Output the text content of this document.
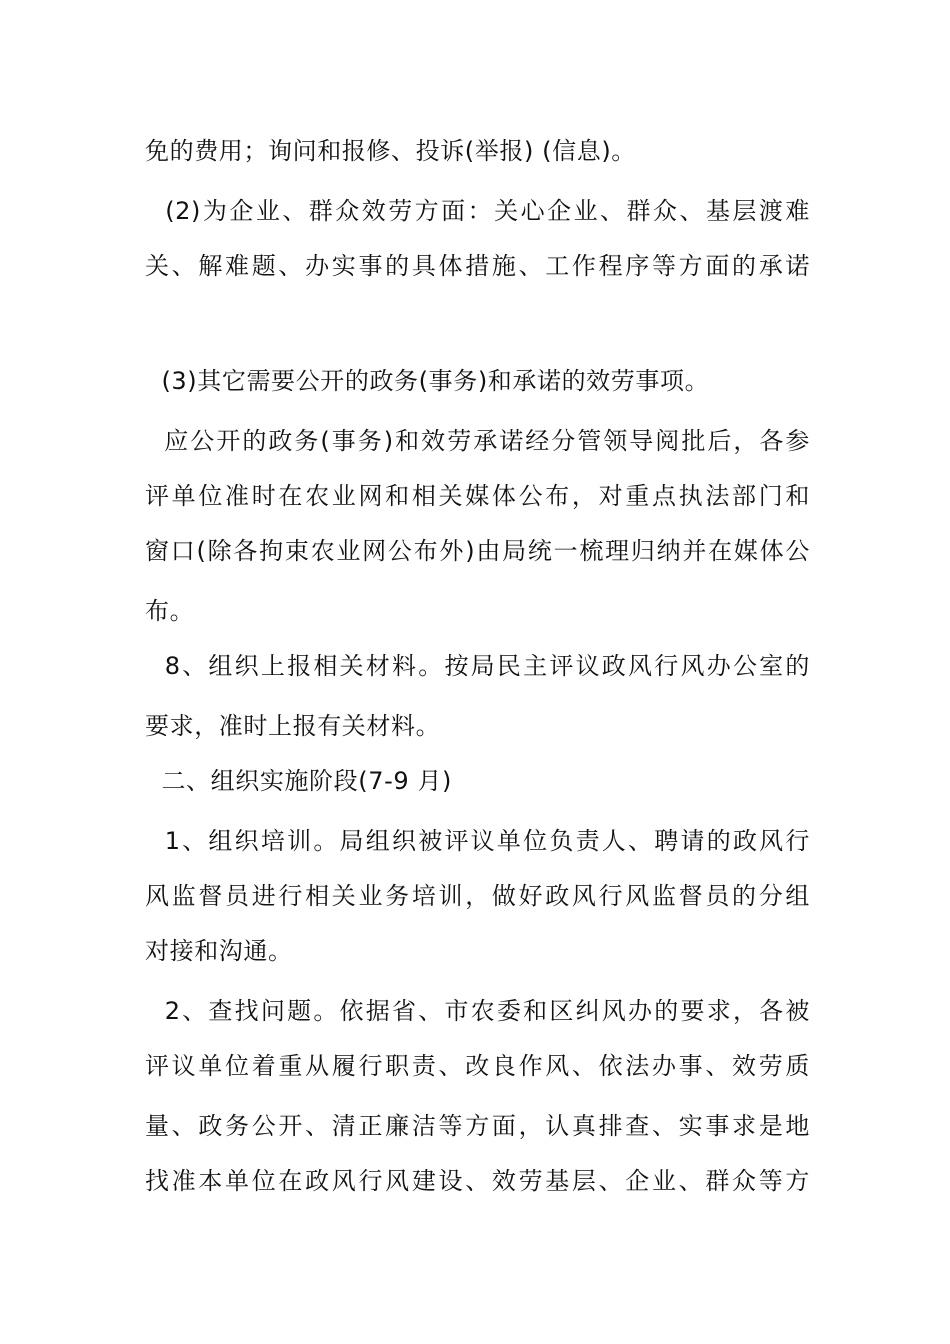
免的费用；询问和报修、投诉(举报) (信息)。
(2)为企业、群众效劳方面：关心企业、群众、基层渡难
关、解难题、办实事的具体措施、工作程序等方面的承诺
(3)其它需要公开的政务(事务)和承诺的效劳事项。
应公开的政务(事务)和效劳承诺经分管领导阅批后，各参
评单位准时在农业网和相关媒体公布，对重点执法部门和
窗口(除各拘束农业网公布外)由局统一梳理归纳并在媒体公
布。
8、组织上报相关材料。按局民主评议政风行风办公室的
要求，准时上报有关材料。
二、组织实施阶段(7-9 月)
1、组织培训。局组织被评议单位负责人、聘请的政风行
风监督员进行相关业务培训，做好政风行风监督员的分组
对接和沟通。
2、查找问题。依据省、市农委和区纠风办的要求，各被
评议单位着重从履行职责、改良作风、依法办事、效劳质
量、政务公开、清正廉洁等方面，认真排查、实事求是地
找准本单位在政风行风建设、效劳基层、企业、群众等方
